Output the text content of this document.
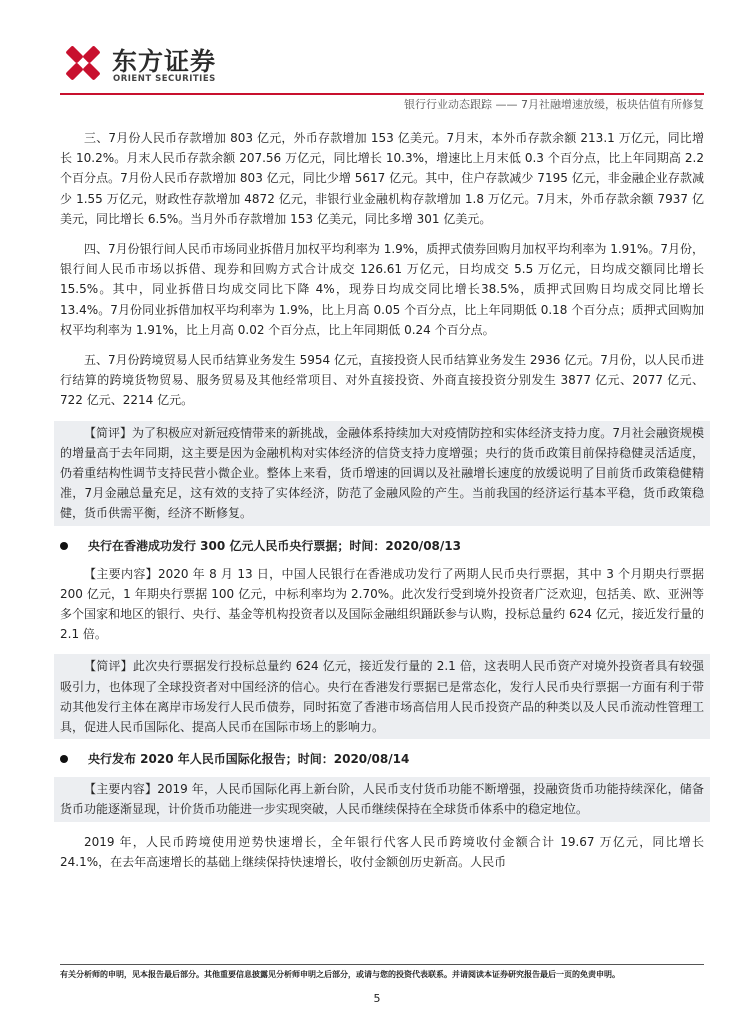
东方证券
ORIENT SECURITIES
银行行业动态跟踪 —— 7月社融增速放缓，板块估值有所修复

三、7月份人民币存款增加 803 亿元，外币存款增加 153 亿美元。7月末，本外币存款余额 213.1 万亿元，同比增长 10.2%。月末人民币存款余额 207.56 万亿元，同比增长 10.3%，增速比上月末低 0.3 个百分点，比上年同期高 2.2 个百分点。7月份人民币存款增加 803 亿元，同比少增 5617 亿元。其中，住户存款减少 7195 亿元，非金融企业存款减少 1.55 万亿元，财政性存款增加 4872 亿元，非银行业金融机构存款增加 1.8 万亿元。7月末，外币存款余额 7937 亿美元，同比增长 6.5%。当月外币存款增加 153 亿美元，同比多增 301 亿美元。

四、7月份银行间人民币市场同业拆借月加权平均利率为 1.9%，质押式债券回购月加权平均利率为 1.91%。7月份，银行间人民币市场以拆借、现券和回购方式合计成交 126.61 万亿元，日均成交 5.5 万亿元，日均成交额同比增长 15.5%。其中，同业拆借日均成交同比下降 4%，现券日均成交同比增长38.5%，质押式回购日均成交同比增长 13.4%。7月份同业拆借加权平均利率为 1.9%，比上月高 0.05 个百分点，比上年同期低 0.18 个百分点；质押式回购加权平均利率为 1.91%，比上月高 0.02 个百分点，比上年同期低 0.24 个百分点。

五、7月份跨境贸易人民币结算业务发生 5954 亿元，直接投资人民币结算业务发生 2936 亿元。7月份，以人民币进行结算的跨境货物贸易、服务贸易及其他经常项目、对外直接投资、外商直接投资分别发生 3877 亿元、2077 亿元、722 亿元、2214 亿元。

【简评】为了积极应对新冠疫情带来的新挑战，金融体系持续加大对疫情防控和实体经济支持力度。7月社会融资规模的增量高于去年同期，这主要是因为金融机构对实体经济的信贷支持力度增强；央行的货币政策目前保持稳健灵活适度，仍着重结构性调节支持民营小微企业。整体上来看，货币增速的回调以及社融增长速度的放缓说明了目前货币政策稳健精准，7月金融总量充足，这有效的支持了实体经济，防范了金融风险的产生。当前我国的经济运行基本平稳，货币政策稳健，货币供需平衡，经济不断修复。

央行在香港成功发行 300 亿元人民币央行票据；时间：2020/08/13

【主要内容】2020 年 8 月 13 日，中国人民银行在香港成功发行了两期人民币央行票据，其中 3 个月期央行票据 200 亿元，1 年期央行票据 100 亿元，中标利率均为 2.70%。此次发行受到境外投资者广泛欢迎，包括美、欧、亚洲等多个国家和地区的银行、央行、基金等机构投资者以及国际金融组织踊跃参与认购，投标总量约 624 亿元，接近发行量的 2.1 倍。

【简评】此次央行票据发行投标总量约 624 亿元，接近发行量的 2.1 倍，这表明人民币资产对境外投资者具有较强吸引力，也体现了全球投资者对中国经济的信心。央行在香港发行票据已是常态化，发行人民币央行票据一方面有利于带动其他发行主体在离岸市场发行人民币债券，同时拓宽了香港市场高信用人民币投资产品的种类以及人民币流动性管理工具，促进人民币国际化、提高人民币在国际市场上的影响力。

央行发布 2020 年人民币国际化报告；时间：2020/08/14

【主要内容】2019 年，人民币国际化再上新台阶，人民币支付货币功能不断增强，投融资货币功能持续深化，储备货币功能逐渐显现，计价货币功能进一步实现突破，人民币继续保持在全球货币体系中的稳定地位。

2019 年，人民币跨境使用逆势快速增长，全年银行代客人民币跨境收付金额合计 19.67 万亿元，同比增长 24.1%，在去年高速增长的基础上继续保持快速增长，收付金额创历史新高。人民币

有关分析师的申明，见本报告最后部分。其他重要信息披露见分析师申明之后部分，或请与您的投资代表联系。并请阅读本证券研究报告最后一页的免责申明。
5
